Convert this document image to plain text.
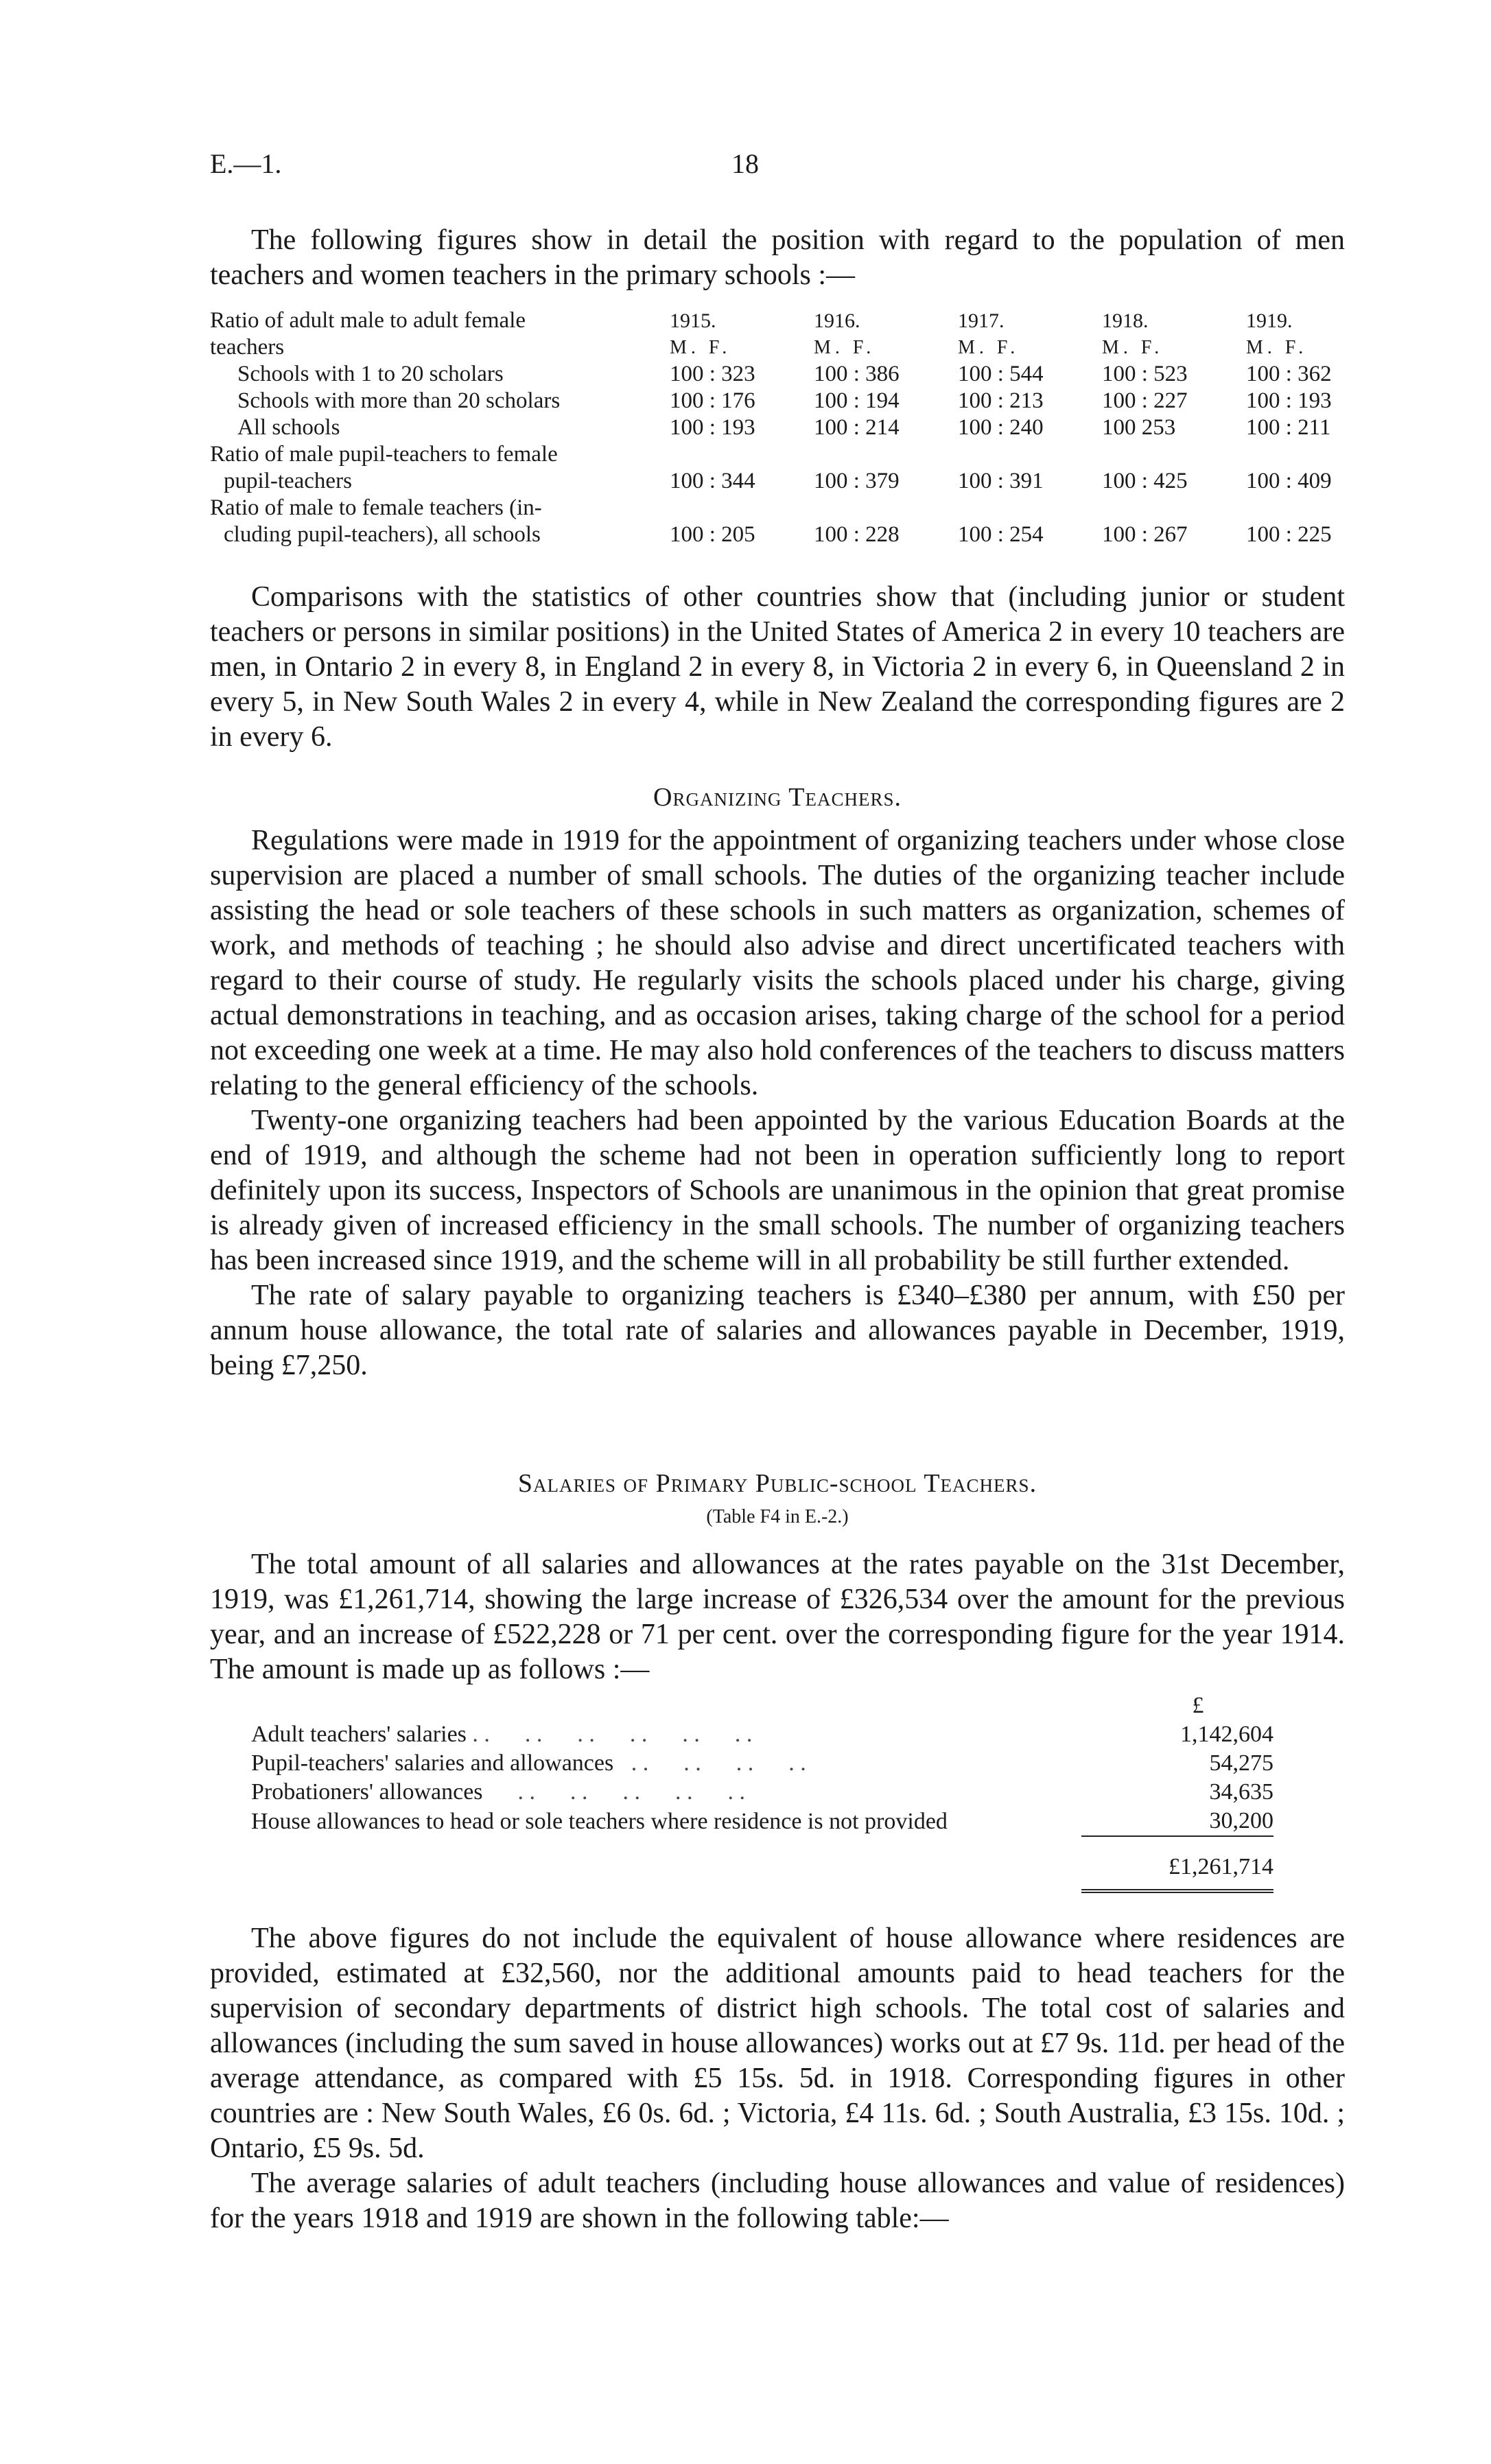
E.—1.	18

The following figures show in detail the position with regard to the population of men teachers and women teachers in the primary schools :—

Ratio of adult male to adult female	1915.	1916.	1917.	1918.	1919.
teachers	M. F.	M. F.	M. F.	M. F.	M. F.
Schools with 1 to 20 scholars	100 : 323	100 : 386	100 : 544	100 : 523	100 : 362
Schools with more than 20 scholars	100 : 176	100 : 194	100 : 213	100 : 227	100 : 193
All schools	100 : 193	100 : 214	100 : 240	100 253	100 : 211
Ratio of male pupil-teachers to female					
pupil-teachers	100 : 344	100 : 379	100 : 391	100 : 425	100 : 409
Ratio of male to female teachers (in-					
cluding pupil-teachers), all schools	100 : 205	100 : 228	100 : 254	100 : 267	100 : 225

Comparisons with the statistics of other countries show that (including junior or student teachers or persons in similar positions) in the United States of America 2 in every 10 teachers are men, in Ontario 2 in every 8, in England 2 in every 8, in Victoria 2 in every 6, in Queensland 2 in every 5, in New South Wales 2 in every 4, while in New Zealand the corresponding figures are 2 in every 6.

Organizing Teachers.

Regulations were made in 1919 for the appointment of organizing teachers under whose close supervision are placed a number of small schools. The duties of the organizing teacher include assisting the head or sole teachers of these schools in such matters as organization, schemes of work, and methods of teaching ; he should also advise and direct uncertificated teachers with regard to their course of study. He regularly visits the schools placed under his charge, giving actual demonstrations in teaching, and as occasion arises, taking charge of the school for a period not exceeding one week at a time. He may also hold conferences of the teachers to discuss matters relating to the general efficiency of the schools.

Twenty-one organizing teachers had been appointed by the various Education Boards at the end of 1919, and although the scheme had not been in operation sufficiently long to report definitely upon its success, Inspectors of Schools are unanimous in the opinion that great promise is already given of increased efficiency in the small schools. The number of organizing teachers has been increased since 1919, and the scheme will in all probability be still further extended.

The rate of salary payable to organizing teachers is £340–£380 per annum, with £50 per annum house allowance, the total rate of salaries and allowances payable in December, 1919, being £7,250.

Salaries of Primary Public-school Teachers.
(Table F4 in E.-2.)

The total amount of all salaries and allowances at the rates payable on the 31st December, 1919, was £1,261,714, showing the large increase of £326,534 over the amount for the previous year, and an increase of £522,228 or 71 per cent. over the corresponding figure for the year 1914. The amount is made up as follows :—

	£
Adult teachers' salaries . .      . .      . .      . .      . .      . .	1,142,604
Pupil-teachers' salaries and allowances   . .      . .      . .      . .	54,275
Probationers' allowances      . .      . .      . .      . .      . .	34,635
House allowances to head or sole teachers where residence is not provided	30,200

	£1,261,714

The above figures do not include the equivalent of house allowance where residences are provided, estimated at £32,560, nor the additional amounts paid to head teachers for the supervision of secondary departments of district high schools. The total cost of salaries and allowances (including the sum saved in house allowances) works out at £7 9s. 11d. per head of the average attendance, as compared with £5 15s. 5d. in 1918. Corresponding figures in other countries are : New South Wales, £6 0s. 6d. ; Victoria, £4 11s. 6d. ; South Australia, £3 15s. 10d. ; Ontario, £5 9s. 5d.

The average salaries of adult teachers (including house allowances and value of residences) for the years 1918 and 1919 are shown in the following table:—
